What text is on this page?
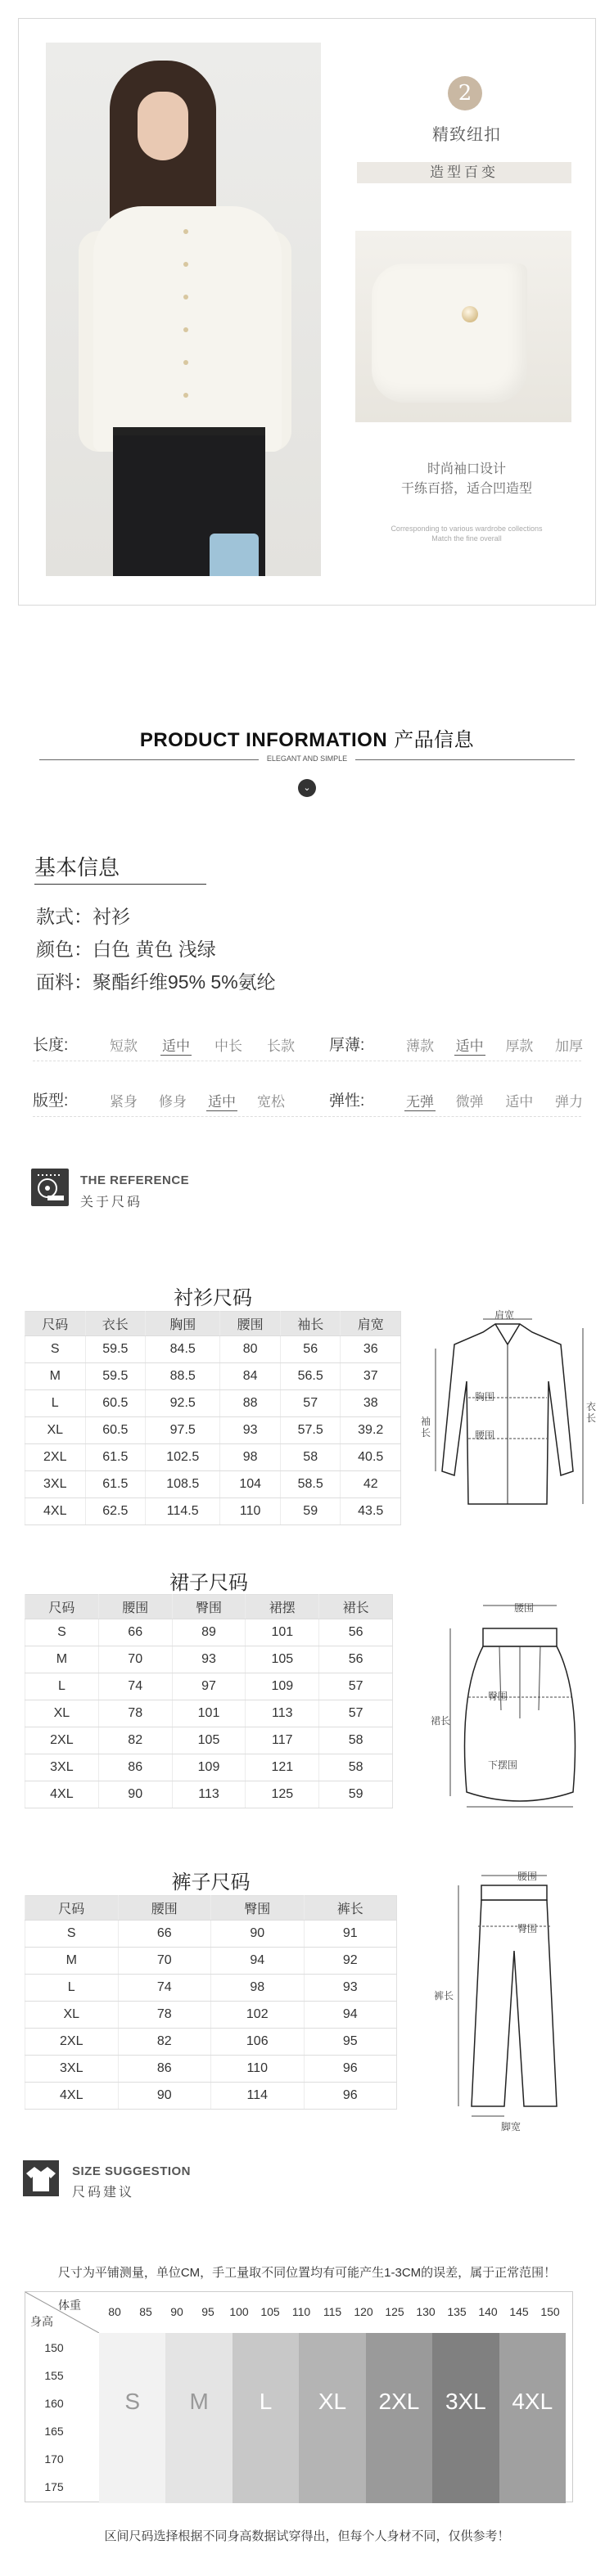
2
精致纽扣
造型百变
时尚袖口设计
干练百搭，适合凹造型
Corresponding to various wardrobe collections
Match the fine overall
PRODUCT INFORMATION 产品信息
ELEGANT AND SIMPLE
⌄
基本信息
款式：衬衫
颜色：白色 黄色 浅绿
面料：聚酯纤维95% 5%氨纶
长度:	短款 适中 中长 长款 厚薄:	薄款 适中 厚款 加厚
版型:	紧身 修身 适中 宽松	弹性:	无弹 微弹 适中 弹力
THE REFERENCE
关于尺码
衬衫尺码
尺码	衣长	胸围	腰围	袖长	肩宽
S	59.5	84.5	80	56	36
M	59.5	88.5	84	56.5	37
L	60.5	92.5	88	57	38
XL	60.5	97.5	93	57.5	39.2
2XL	61.5	102.5	98	58	40.5
3XL	61.5	108.5	104	58.5	42
4XL	62.5	114.5	110	59	43.5
肩宽
胸围
腰围
袖长
衣长
裙子尺码
尺码	腰围	臀围	裙摆	裙长
S	66	89	101	56
M	70	93	105	56
L	74	97	109	57
XL	78	101	113	57
2XL	82	105	117	58
3XL	86	109	121	58
4XL	90	113	125	59
腰围
臀围
裙长
下摆围
裤子尺码
尺码	腰围	臀围	裤长
S	66	90	91
M	70	94	92
L	74	98	93
XL	78	102	94
2XL	82	106	95
3XL	86	110	96
4XL	90	114	96
腰围
臀围
裤长
脚宽
SIZE SUGGESTION
尺码建议
尺寸为平铺测量，单位CM，手工量取不同位置均有可能产生1-3CM的误差，属于正常范围！
体重
身高
80	85	90	95	100	105	110	115	120	125	130	135	140	145	150
150
155
160
165
170
175
S	M	L	XL	2XL	3XL	4XL
区间尺码选择根据不同身高数据试穿得出，但每个人身材不同，仅供参考！
